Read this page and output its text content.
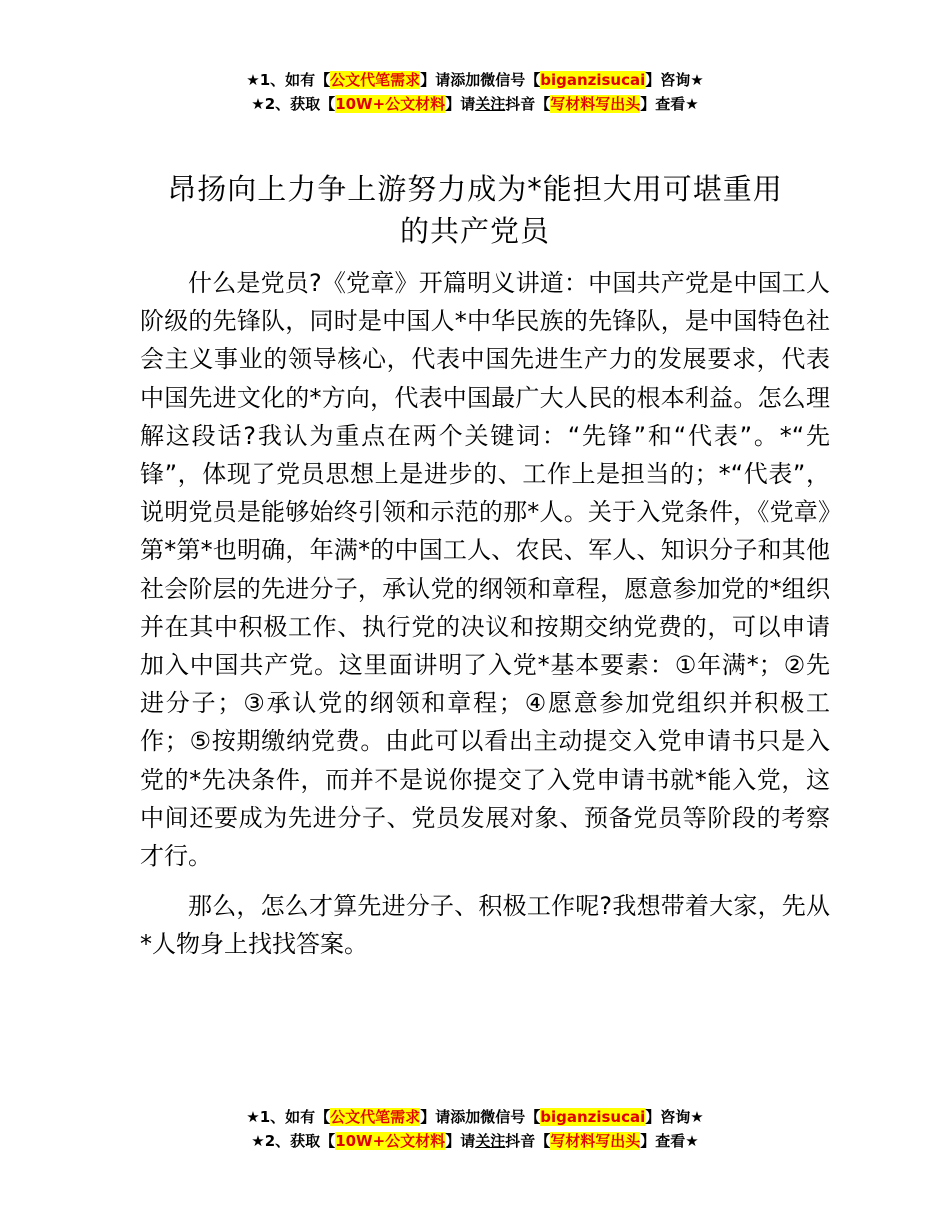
★1、如有【公文代笔需求】请添加微信号【biganzisucai】咨询★
★2、获取【10W+公文材料】请关注抖音【写材料写出头】查看★
昂扬向上力争上游努力成为*能担大用可堪重用
的共产党员

什么是党员?《党章》开篇明义讲道：中国共产党是中国工人阶级的先锋队，同时是中国人*中华民族的先锋队，是中国特色社会主义事业的领导核心，代表中国先进生产力的发展要求，代表中国先进文化的*方向，代表中国最广大人民的根本利益。怎么理解这段话?我认为重点在两个关键词：“先锋”和“代表”。*“先锋”，体现了党员思想上是进步的、工作上是担当的；*“代表”，说明党员是能够始终引领和示范的那*人。关于入党条件，《党章》第*第*也明确，年满*的中国工人、农民、军人、知识分子和其他社会阶层的先进分子，承认党的纲领和章程，愿意参加党的*组织并在其中积极工作、执行党的决议和按期交纳党费的，可以申请加入中国共产党。这里面讲明了入党*基本要素：①年满*；②先进分子；③承认党的纲领和章程；④愿意参加党组织并积极工作；⑤按期缴纳党费。由此可以看出主动提交入党申请书只是入党的*先决条件，而并不是说你提交了入党申请书就*能入党，这中间还要成为先进分子、党员发展对象、预备党员等阶段的考察才行。

那么，怎么才算先进分子、积极工作呢?我想带着大家，先从*人物身上找找答案。

★1、如有【公文代笔需求】请添加微信号【biganzisucai】咨询★
★2、获取【10W+公文材料】请关注抖音【写材料写出头】查看★
